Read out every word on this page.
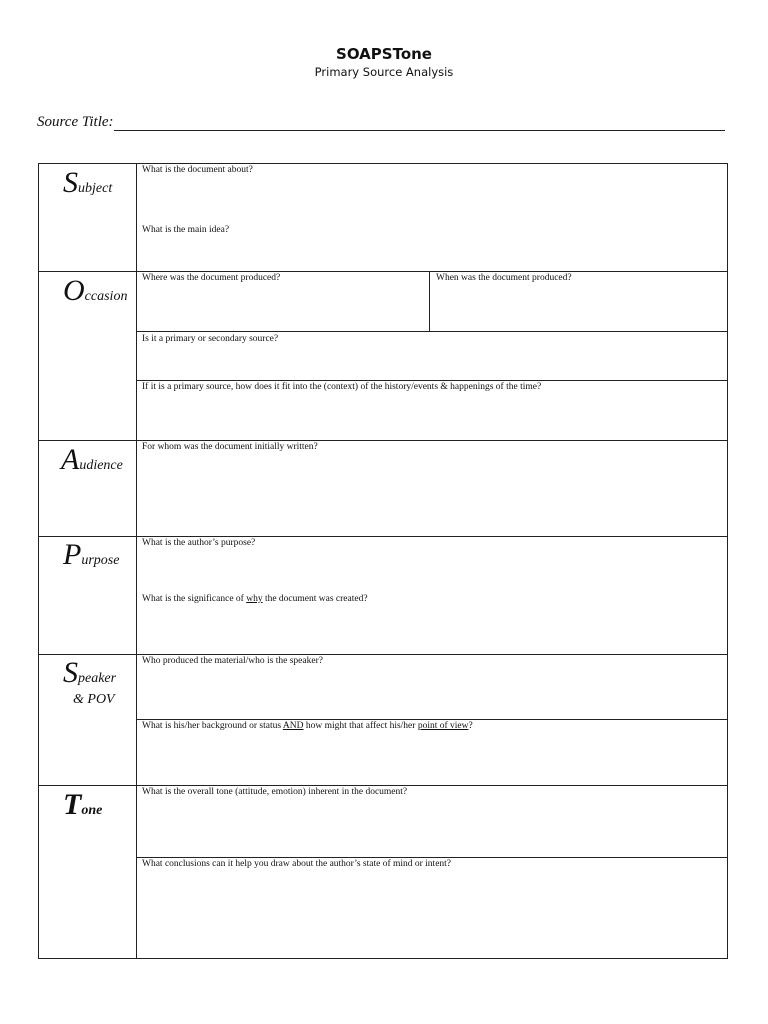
SOAPSTone
Primary Source Analysis
Source Title:
Subject
What is the document about?
What is the main idea?
Occasion
Where was the document produced?	When was the document produced?
Is it a primary or secondary source?
If it is a primary source, how does it fit into the (context) of the history/events & happenings of the time?
Audience
For whom was the document initially written?
Purpose
What is the author’s purpose?
What is the significance of why the document was created?
Speaker
& POV
Who produced the material/who is the speaker?
What is his/her background or status AND how might that affect his/her point of view?
Tone
What is the overall tone (attitude, emotion) inherent in the document?
What conclusions can it help you draw about the author’s state of mind or intent?
